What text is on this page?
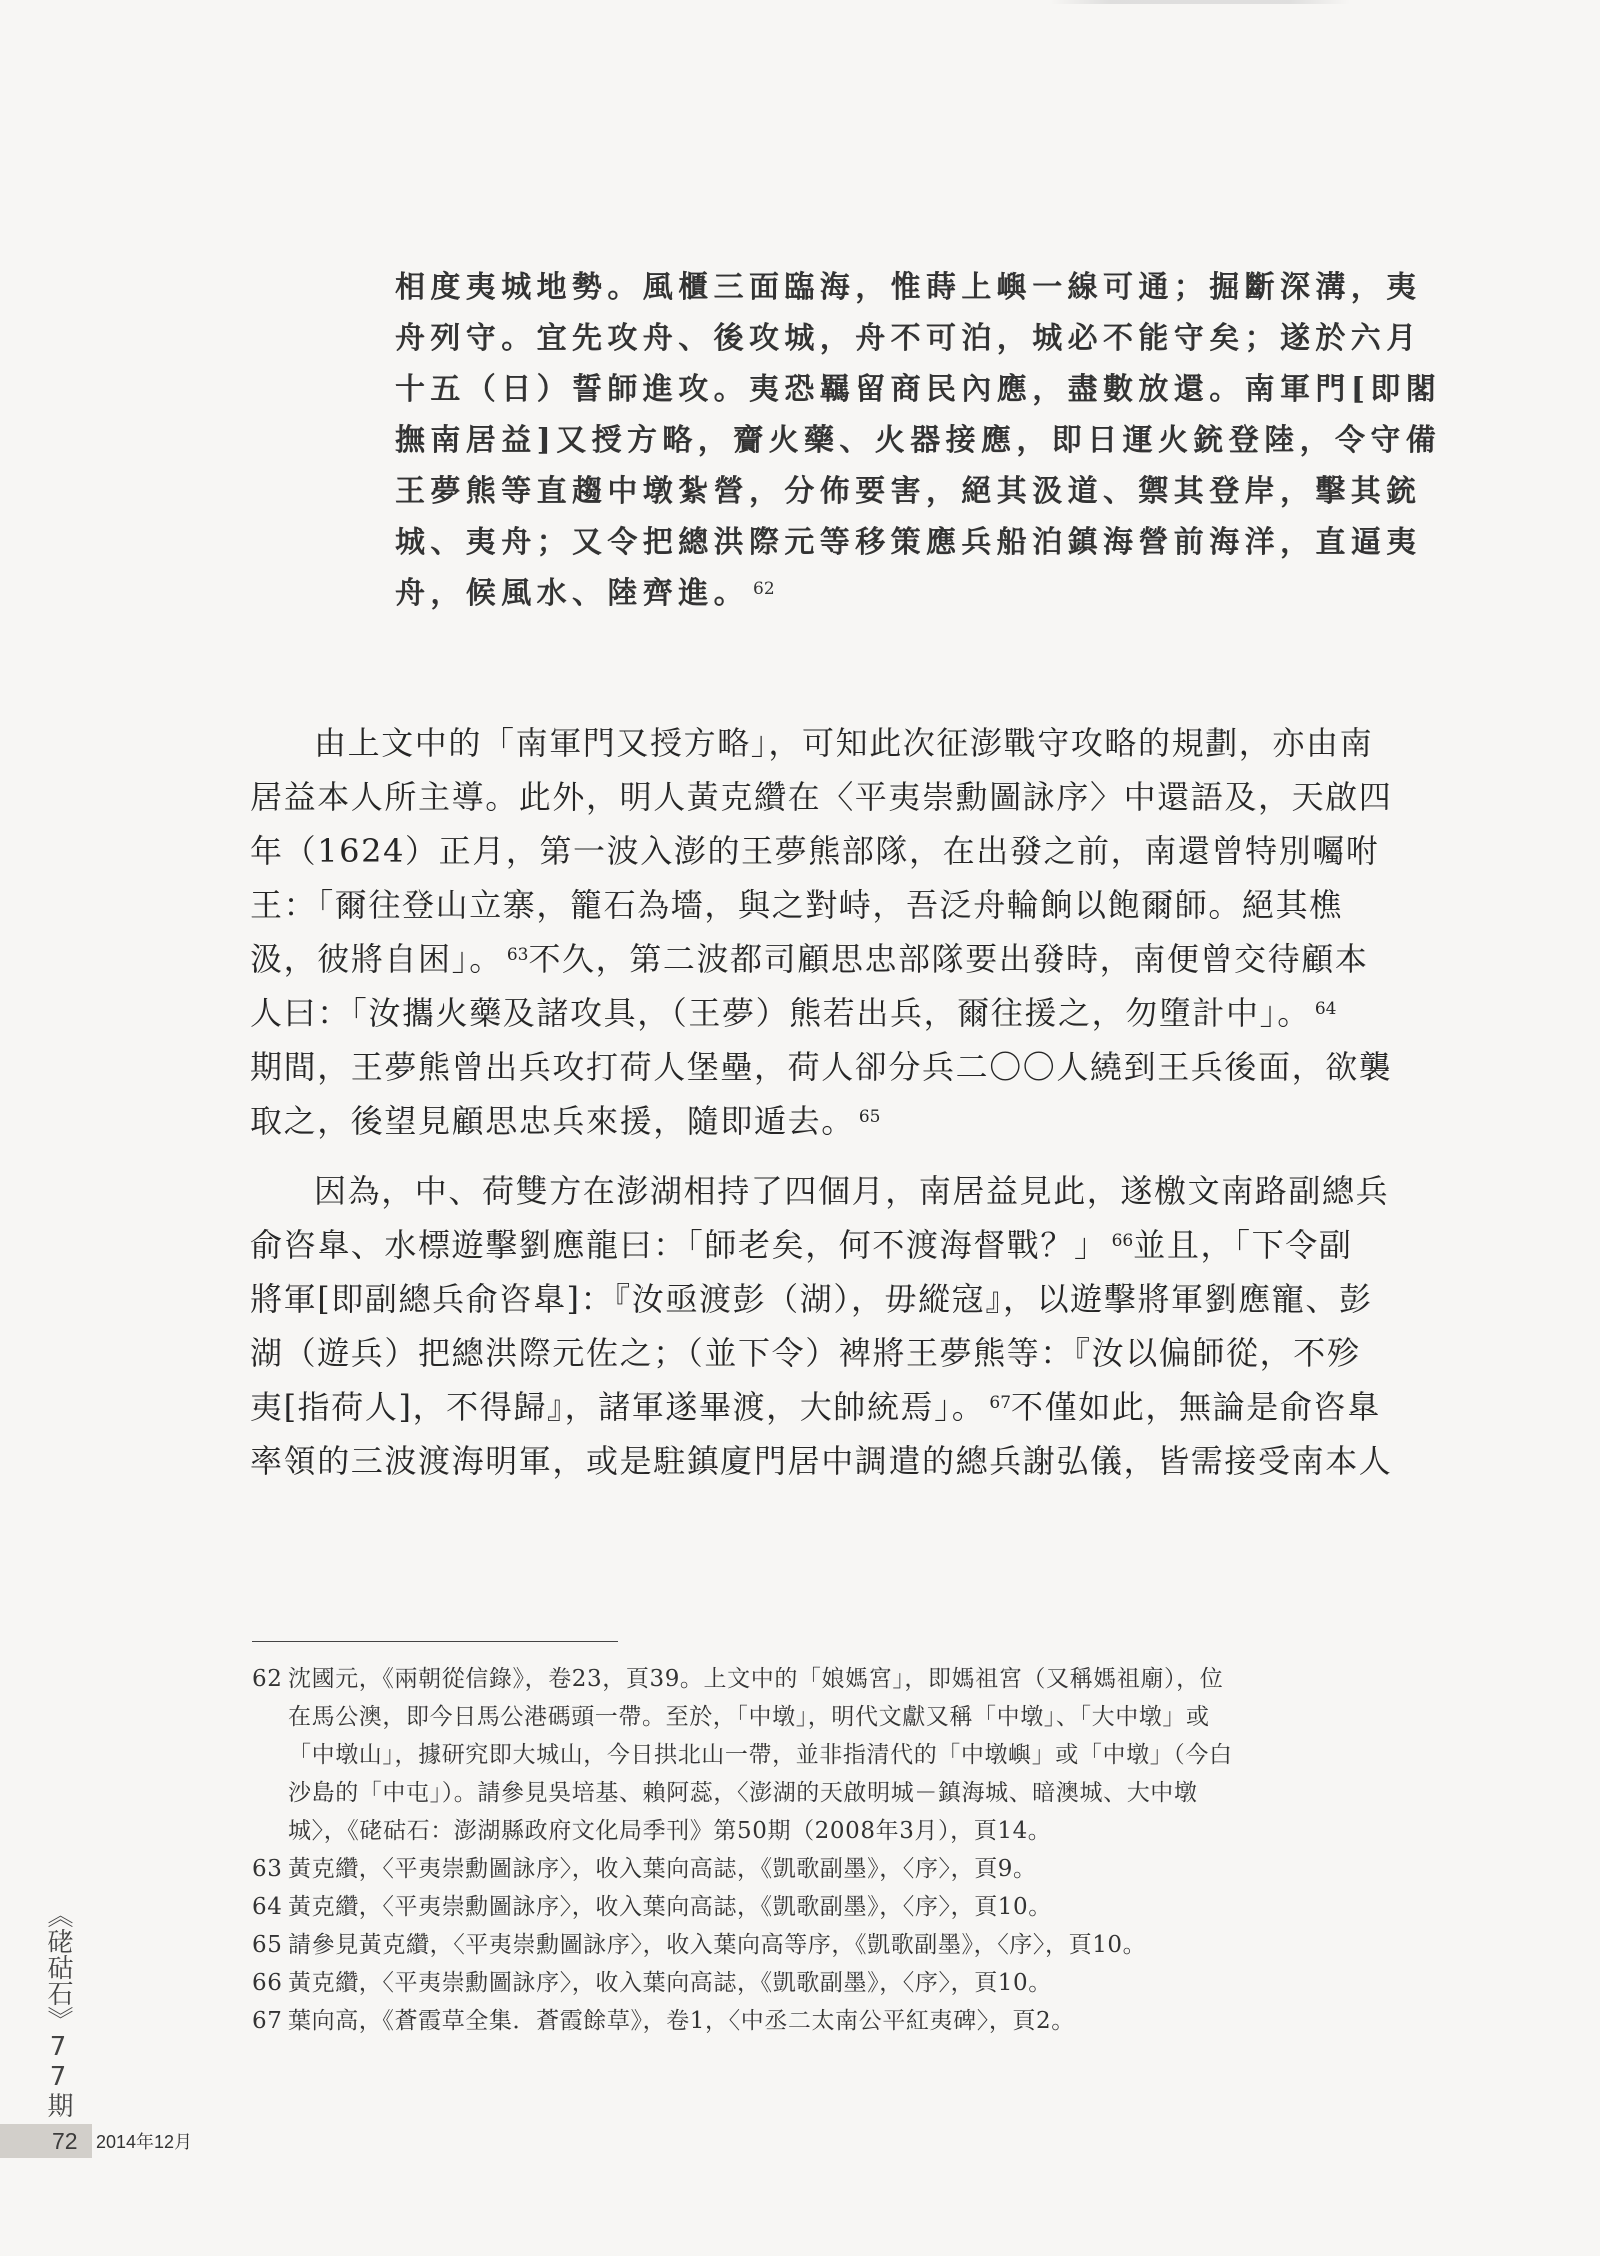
相度夷城地勢。風櫃三面臨海，惟蒔上嶼一線可通；掘斷深溝，夷

舟列守。宜先攻舟、後攻城，舟不可泊，城必不能守矣；遂於六月

十五（日）誓師進攻。夷恐羈留商民內應，盡數放還。南軍門[即閣

撫南居益]又授方略，齎火藥、火器接應，即日運火銃登陸，令守備

王夢熊等直趨中墩紮營，分佈要害，絕其汲道、禦其登岸，擊其銃

城、夷舟；又令把總洪際元等移策應兵船泊鎮海營前海洋，直逼夷

舟，候風水、陸齊進。 $^{62}$

由上文中的「南軍門又授方略」，可知此次征澎戰守攻略的規劃，亦由南

居益本人所主導。此外，明人黃克纘在〈平夷崇勳圖詠序〉中還語及，天啟四

年（1624）正月，第一波入澎的王夢熊部隊，在出發之前，南還曾特別囑咐

王：「爾往登山立寨，籠石為墻，與之對峙，吾泛舟輪餉以飽爾師。絕其樵

汲，彼將自困」。 $^{63}$不久，第二波都司顧思忠部隊要出發時，南便曾交待顧本

人曰：「汝攜火藥及諸攻具，（王夢）熊若出兵，爾往援之，勿墮計中」。 $^{64}$

期間，王夢熊曾出兵攻打荷人堡壘，荷人卻分兵二〇〇人繞到王兵後面，欲襲

取之，後望見顧思忠兵來援，隨即遁去。 $^{65}$

因為，中、荷雙方在澎湖相持了四個月，南居益見此，遂檄文南路副總兵

俞咨臯、水標遊擊劉應龍曰：「師老矣，何不渡海督戰？」 $^{66}$並且，「下令副

將軍[即副總兵俞咨臯]：『汝亟渡彭（湖），毋縱寇』，以遊擊將軍劉應寵、彭

湖（遊兵）把總洪際元佐之；（並下令）裨將王夢熊等：『汝以偏師從，不殄

夷[指荷人]，不得歸』，諸軍遂畢渡，大帥統焉」。 $^{67}$不僅如此，無論是俞咨臯

率領的三波渡海明軍，或是駐鎮廈門居中調遣的總兵謝弘儀，皆需接受南本人

62 沈國元，《兩朝從信錄》，卷23，頁39。上文中的「娘媽宮」，即媽祖宮（又稱媽祖廟），位
在馬公澳，即今日馬公港碼頭一帶。至於，「中墩」，明代文獻又稱「中墩」、「大中墩」或
「中墩山」，據研究即大城山，今日拱北山一帶，並非指清代的「中墩嶼」或「中墩」（今白
沙島的「中屯」）。請參見吳培基、賴阿蕊，〈澎湖的天啟明城－鎮海城、暗澳城、大中墩
城〉，《硓𥑮石：澎湖縣政府文化局季刊》第50期（2008年3月），頁14。
63 黃克纘，〈平夷崇勳圖詠序〉，收入葉向高誌，《凱歌副墨》，〈序〉，頁9。
64 黃克纘，〈平夷崇勳圖詠序〉，收入葉向高誌，《凱歌副墨》，〈序〉，頁10。
65 請參見黃克纘，〈平夷崇勳圖詠序〉，收入葉向高等序，《凱歌副墨》，〈序〉，頁10。
66 黃克纘，〈平夷崇勳圖詠序〉，收入葉向高誌，《凱歌副墨》，〈序〉，頁10。
67 葉向高，《蒼霞草全集．蒼霞餘草》，卷1，〈中丞二太南公平紅夷碑〉，頁2。
《硓𥑮石》77期
72 2014年12月
